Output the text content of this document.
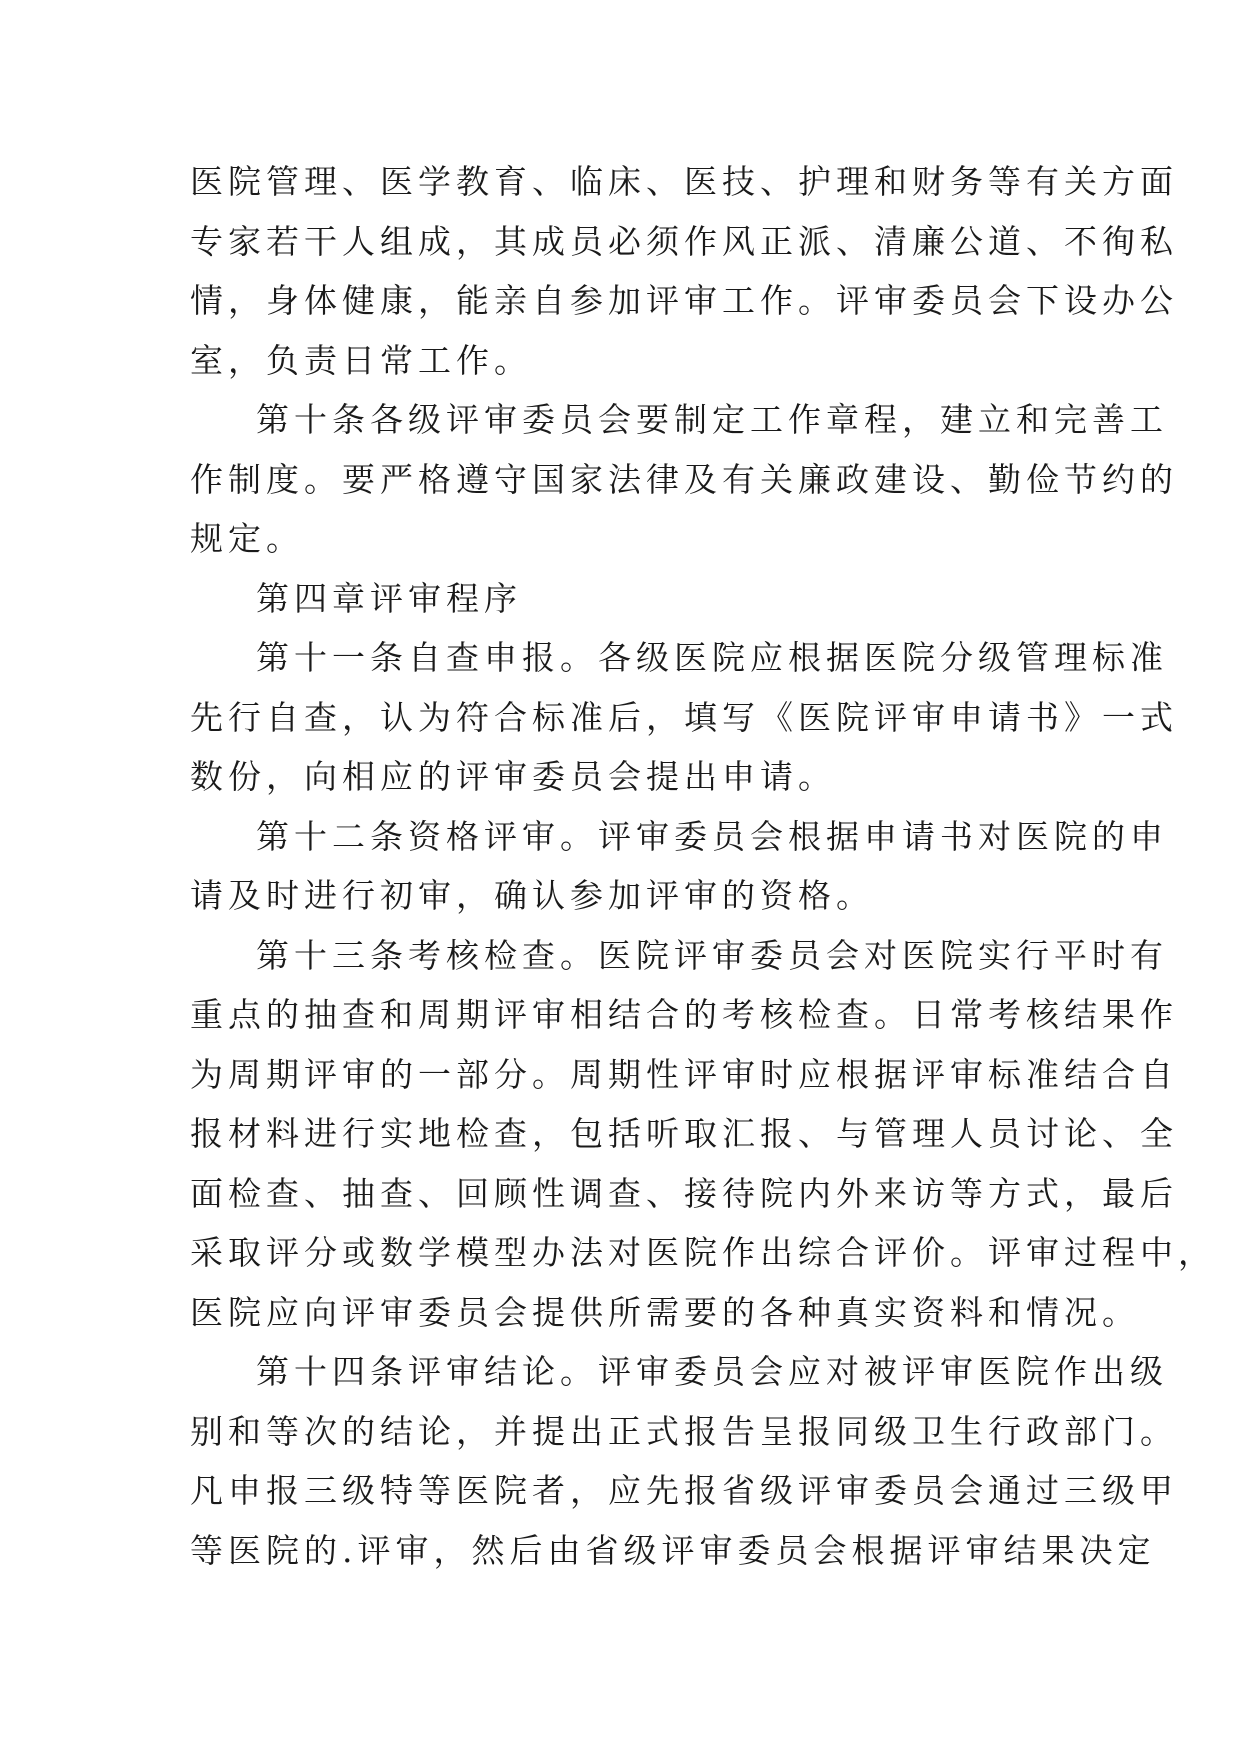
医院管理、医学教育、临床、医技、护理和财务等有关方面
专家若干人组成，其成员必须作风正派、清廉公道、不徇私
情，身体健康，能亲自参加评审工作。评审委员会下设办公
室，负责日常工作。
第十条各级评审委员会要制定工作章程，建立和完善工
作制度。要严格遵守国家法律及有关廉政建设、勤俭节约的
规定。
第四章评审程序
第十一条自查申报。各级医院应根据医院分级管理标准
先行自查，认为符合标准后，填写《医院评审申请书》一式
数份，向相应的评审委员会提出申请。
第十二条资格评审。评审委员会根据申请书对医院的申
请及时进行初审，确认参加评审的资格。
第十三条考核检查。医院评审委员会对医院实行平时有
重点的抽查和周期评审相结合的考核检查。日常考核结果作
为周期评审的一部分。周期性评审时应根据评审标准结合自
报材料进行实地检查，包括听取汇报、与管理人员讨论、全
面检查、抽查、回顾性调查、接待院内外来访等方式，最后
采取评分或数学模型办法对医院作出综合评价。评审过程中，
医院应向评审委员会提供所需要的各种真实资料和情况。
第十四条评审结论。评审委员会应对被评审医院作出级
别和等次的结论，并提出正式报告呈报同级卫生行政部门。
凡申报三级特等医院者，应先报省级评审委员会通过三级甲
等医院的.评审，然后由省级评审委员会根据评审结果决定
